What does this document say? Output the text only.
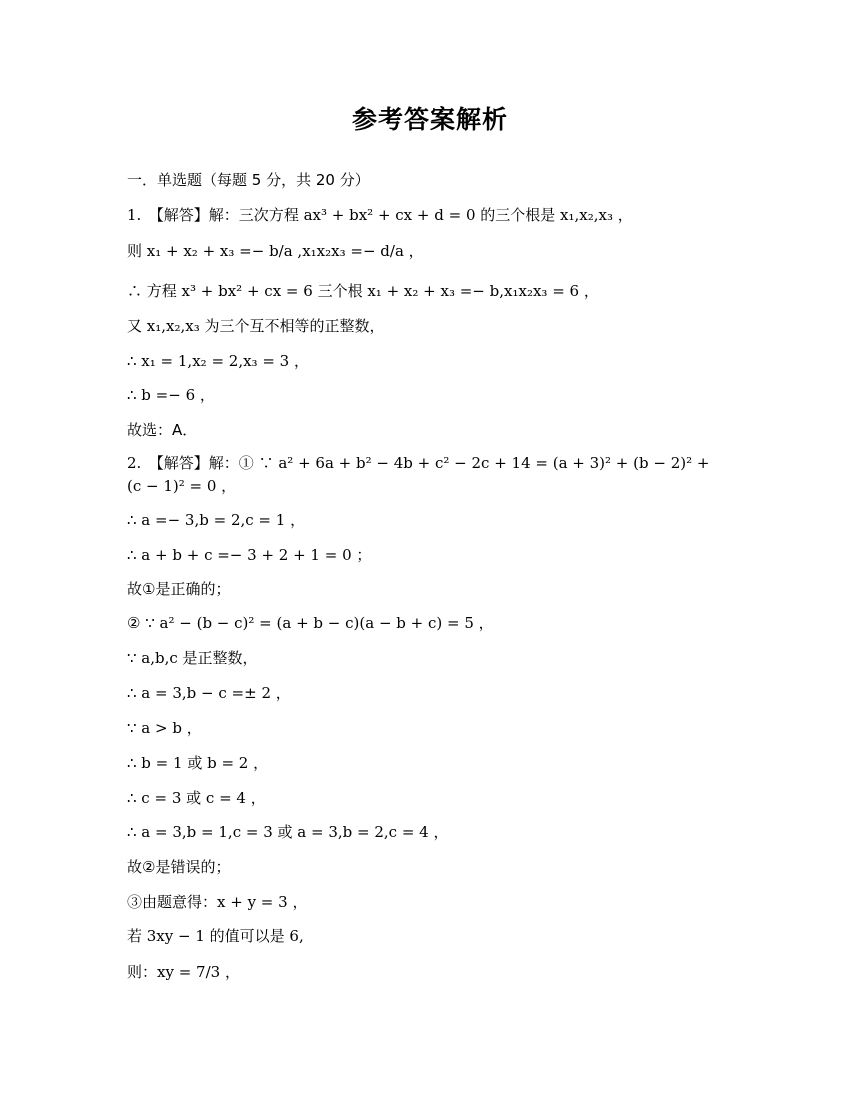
参考答案解析
一．单选题（每题 5 分，共 20 分）
1.　【解答】解：三次方程 ax³ + bx² + cx + d = 0 的三个根是 x₁,x₂,x₃ ，
则 x₁ + x₂ + x₃ =− b/a ,x₁x₂x₃ =− d/a ，
∴ 方程 x³ + bx² + cx = 6 三个根 x₁ + x₂ + x₃ =− b,x₁x₂x₃ = 6 ，
又 x₁,x₂,x₃ 为三个互不相等的正整数，
∴ x₁ = 1,x₂ = 2,x₃ = 3 ，
∴ b =− 6 ，
故选：A．
2.　【解答】解：① ∵ a² + 6a + b² − 4b + c² − 2c + 14 = (a + 3)² + (b − 2)² +
(c − 1)² = 0 ，
∴ a =− 3,b = 2,c = 1 ，
∴ a + b + c =− 3 + 2 + 1 = 0 ；
故①是正确的；
② ∵ a² − (b − c)² = (a + b − c)(a − b + c) = 5 ，
∵ a,b,c 是正整数，
∴ a = 3,b − c =± 2 ，
∵ a > b ，
∴ b = 1 或 b = 2 ，
∴ c = 3 或 c = 4 ，
∴ a = 3,b = 1,c = 3 或 a = 3,b = 2,c = 4 ，
故②是错误的；
③由题意得：x + y = 3 ，
若 3xy − 1 的值可以是 6,
则：xy = 7/3 ，
